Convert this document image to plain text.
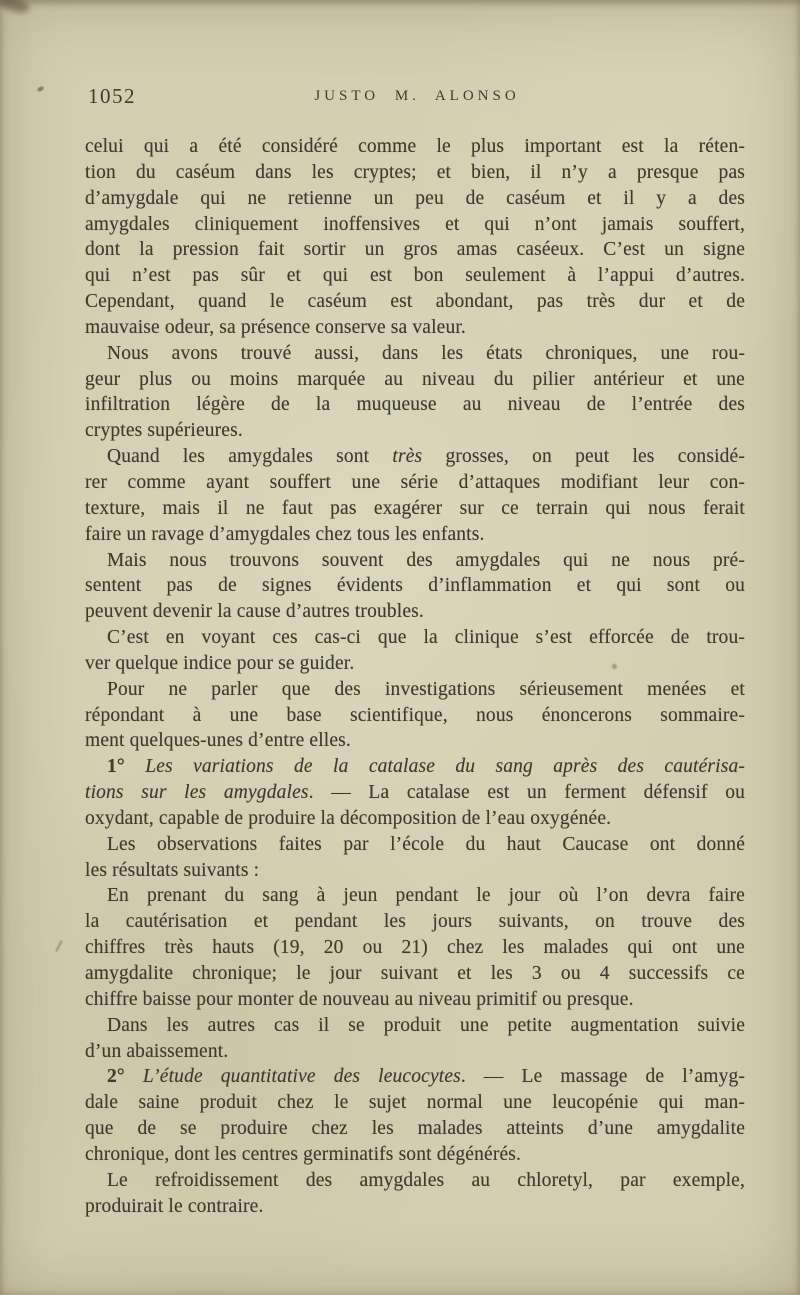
1052	JUSTO M. ALONSO
celui qui a été considéré comme le plus important est la réten-
tion du caséum dans les cryptes; et bien, il n’y a presque pas
d’amygdale qui ne retienne un peu de caséum et il y a des
amygdales cliniquement inoffensives et qui n’ont jamais souffert,
dont la pression fait sortir un gros amas caséeux. C’est un signe
qui n’est pas sûr et qui est bon seulement à l’appui d’autres.
Cependant, quand le caséum est abondant, pas très dur et de
mauvaise odeur, sa présence conserve sa valeur.
Nous avons trouvé aussi, dans les états chroniques, une rou-
geur plus ou moins marquée au niveau du pilier antérieur et une
infiltration légère de la muqueuse au niveau de l’entrée des
cryptes supérieures.
Quand les amygdales sont très grosses, on peut les considé-
rer comme ayant souffert une série d’attaques modifiant leur con-
texture, mais il ne faut pas exagérer sur ce terrain qui nous ferait
faire un ravage d’amygdales chez tous les enfants.
Mais nous trouvons souvent des amygdales qui ne nous pré-
sentent pas de signes évidents d’inflammation et qui sont ou
peuvent devenir la cause d’autres troubles.
C’est en voyant ces cas-ci que la clinique s’est efforcée de trou-
ver quelque indice pour se guider.
Pour ne parler que des investigations sérieusement menées et
répondant à une base scientifique, nous énoncerons sommaire-
ment quelques-unes d’entre elles.
1° Les variations de la catalase du sang après des cautérisa-
tions sur les amygdales. — La catalase est un ferment défensif ou
oxydant, capable de produire la décomposition de l’eau oxygénée.
Les observations faites par l’école du haut Caucase ont donné
les résultats suivants :
En prenant du sang à jeun pendant le jour où l’on devra faire
la cautérisation et pendant les jours suivants, on trouve des
chiffres très hauts (19, 20 ou 21) chez les malades qui ont une
amygdalite chronique; le jour suivant et les 3 ou 4 successifs ce
chiffre baisse pour monter de nouveau au niveau primitif ou presque.
Dans les autres cas il se produit une petite augmentation suivie
d’un abaissement.
2° L’étude quantitative des leucocytes. — Le massage de l’amyg-
dale saine produit chez le sujet normal une leucopénie qui man-
que de se produire chez les malades atteints d’une amygdalite
chronique, dont les centres germinatifs sont dégénérés.
Le refroidissement des amygdales au chloretyl, par exemple,
produirait le contraire.
